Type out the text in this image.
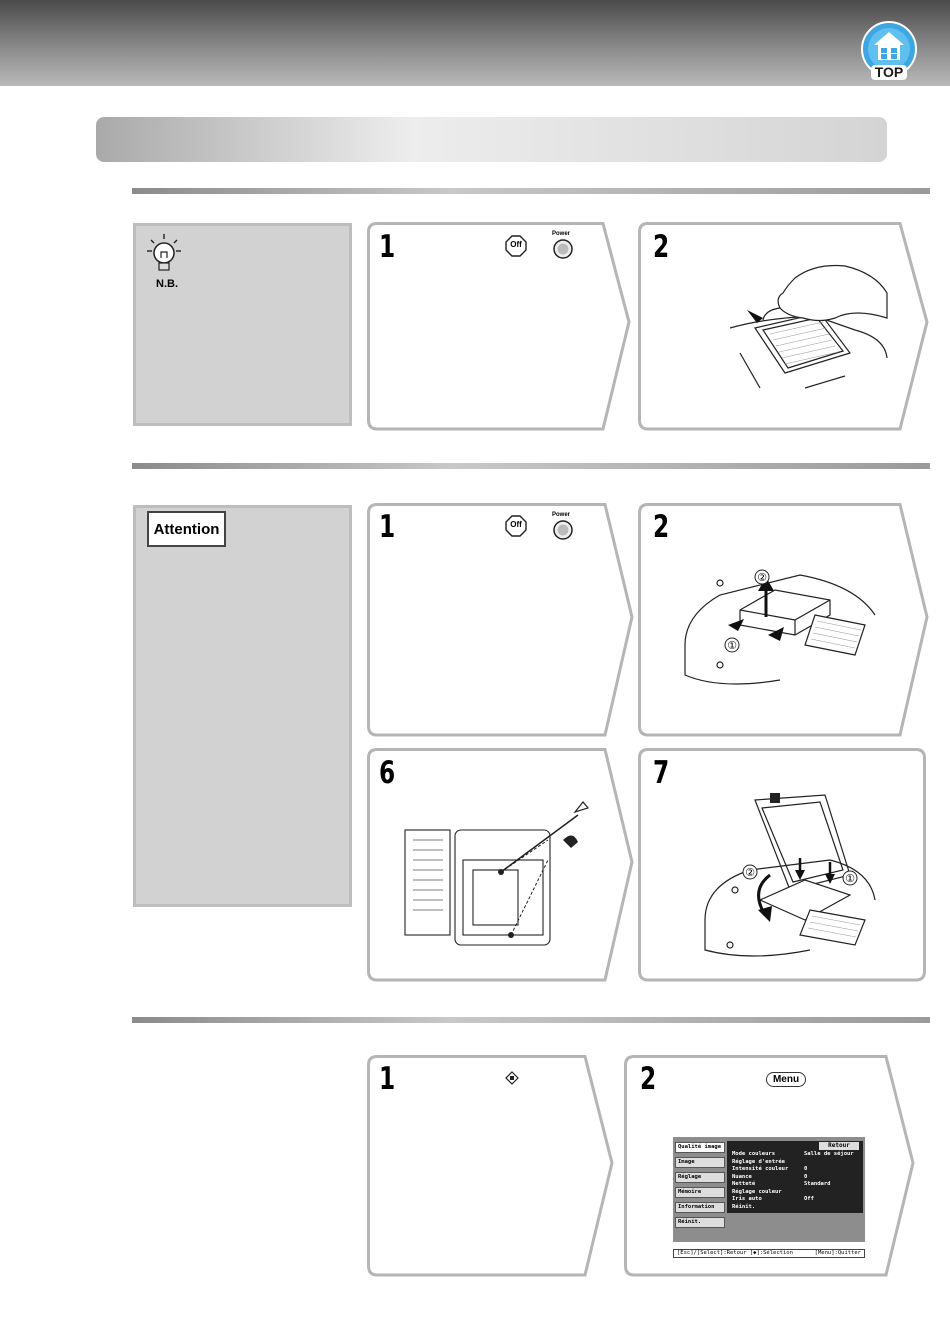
TOP
N.B.
1	Off
Power	2
Attention	1	Off
Power	2
②
①
6	7
②	①
1	2	Menu
Qualité image
Image
Réglage
Mémoire
Information
Réinit.
Retour
Mode couleurs	Salle de séjour
Réglage d'entrée
Intensité couleur	0
Nuance	0
Netteté	Standard
Réglage couleur
Iris auto	Off
Réinit.
[Esc]/[Select]:Retour [◆]:Sélection	[Menu]:Quitter
